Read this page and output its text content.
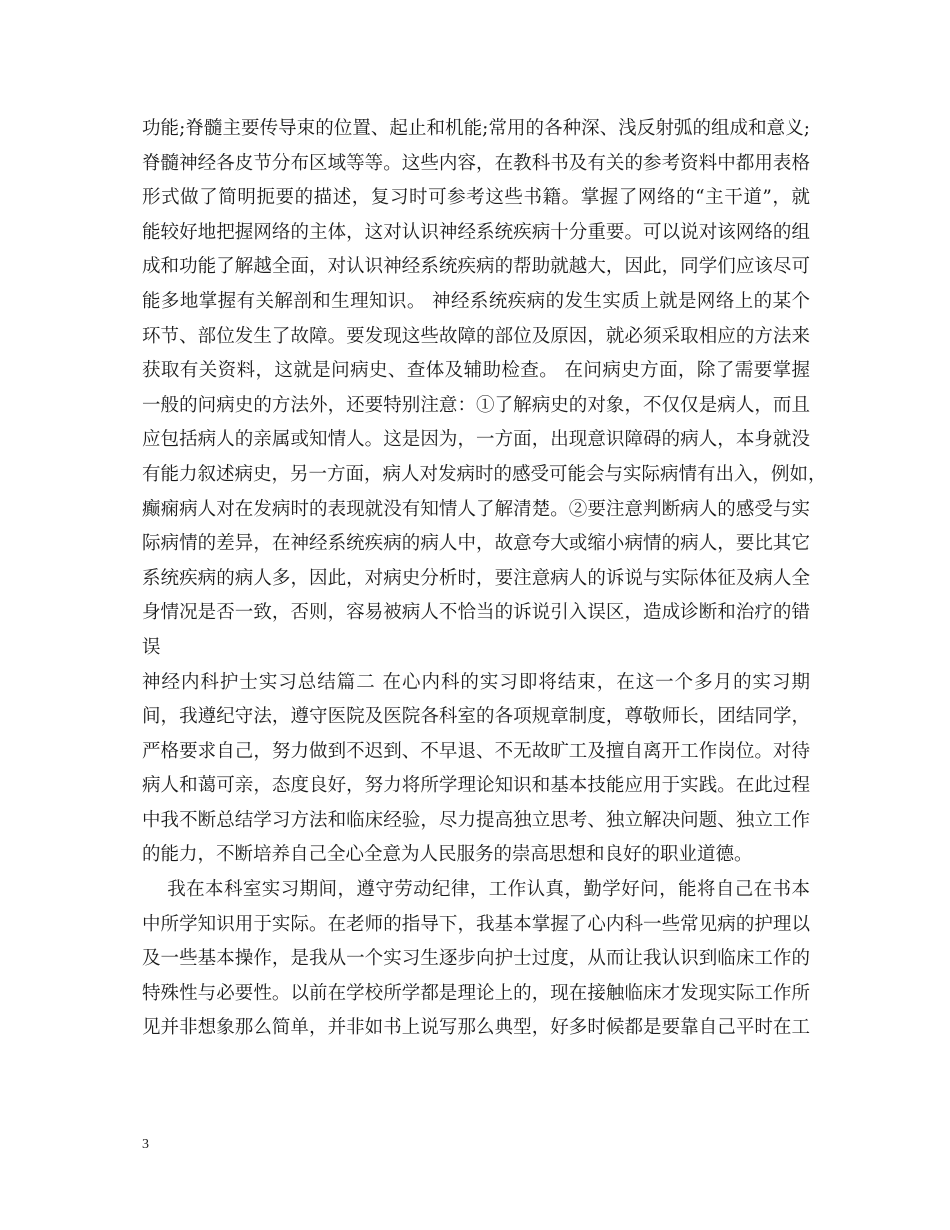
功能;脊髓主要传导束的位置、起止和机能;常用的各种深、浅反射弧的组成和意义;
脊髓神经各皮节分布区域等等。这些内容，在教科书及有关的参考资料中都用表格
形式做了简明扼要的描述，复习时可参考这些书籍。掌握了网络的“主干道”，就
能较好地把握网络的主体，这对认识神经系统疾病十分重要。可以说对该网络的组
成和功能了解越全面，对认识神经系统疾病的帮助就越大，因此，同学们应该尽可
能多地掌握有关解剖和生理知识。 神经系统疾病的发生实质上就是网络上的某个
环节、部位发生了故障。要发现这些故障的部位及原因，就必须采取相应的方法来
获取有关资料，这就是问病史、查体及辅助检查。 在问病史方面，除了需要掌握
一般的问病史的方法外，还要特别注意：①了解病史的对象，不仅仅是病人，而且
应包括病人的亲属或知情人。这是因为，一方面，出现意识障碍的病人，本身就没
有能力叙述病史，另一方面，病人对发病时的感受可能会与实际病情有出入，例如，
癫痫病人对在发病时的表现就没有知情人了解清楚。②要注意判断病人的感受与实
际病情的差异，在神经系统疾病的病人中，故意夸大或缩小病情的病人，要比其它
系统疾病的病人多，因此，对病史分析时，要注意病人的诉说与实际体征及病人全
身情况是否一致，否则，容易被病人不恰当的诉说引入误区，造成诊断和治疗的错
误
神经内科护士实习总结篇二 在心内科的实习即将结束，在这一个多月的实习期
间，我遵纪守法，遵守医院及医院各科室的各项规章制度，尊敬师长，团结同学，
严格要求自己，努力做到不迟到、不早退、不无故旷工及擅自离开工作岗位。对待
病人和蔼可亲，态度良好，努力将所学理论知识和基本技能应用于实践。在此过程
中我不断总结学习方法和临床经验，尽力提高独立思考、独立解决问题、独立工作
的能力，不断培养自己全心全意为人民服务的崇高思想和良好的职业道德。
我在本科室实习期间，遵守劳动纪律，工作认真，勤学好问，能将自己在书本
中所学知识用于实际。在老师的指导下，我基本掌握了心内科一些常见病的护理以
及一些基本操作，是我从一个实习生逐步向护士过度，从而让我认识到临床工作的
特殊性与必要性。以前在学校所学都是理论上的，现在接触临床才发现实际工作所
见并非想象那么简单，并非如书上说写那么典型，好多时候都是要靠自己平时在工
3
